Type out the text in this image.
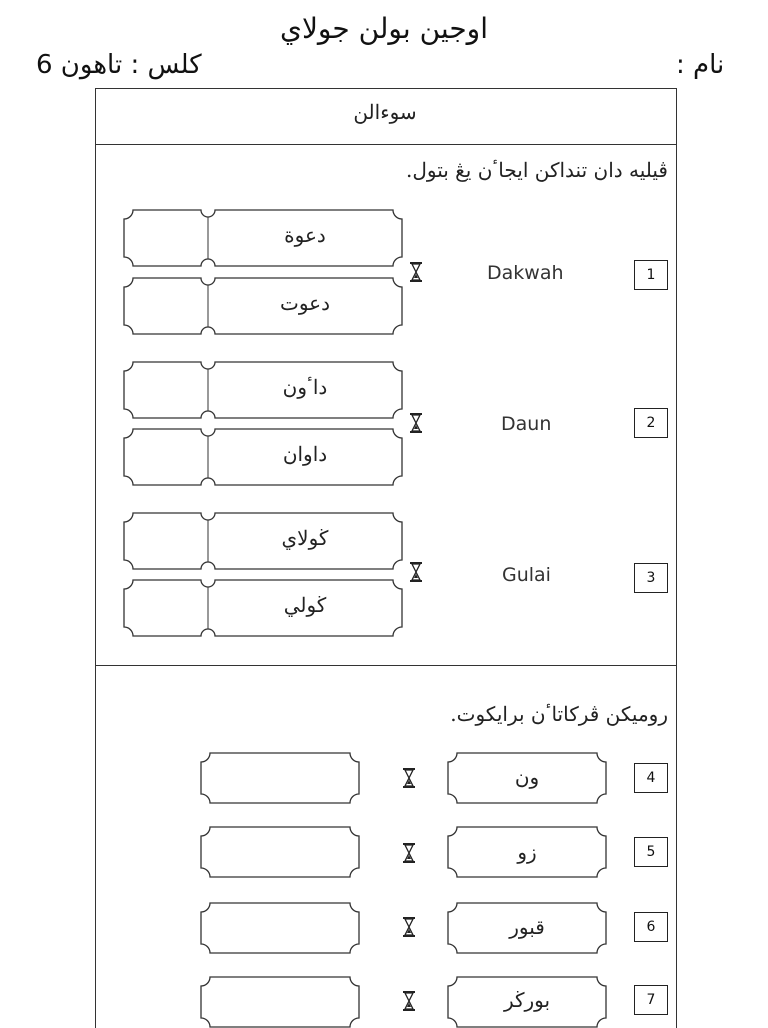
اوجين بولن جولاي
كلس : تاهون 6	نام :
سوءالن
ڤيليه دان تنداكن ايجاٴن يڠ بتول.
دعوة
دعوت
Dakwah	1
داٴون
داوان
Daun	2
ڬولاي
ڬولي
Gulai	3
روميكن ڤركاتاٴن برايكوت.
ون	4
زو	5
قبور	6
بورڬر	7
